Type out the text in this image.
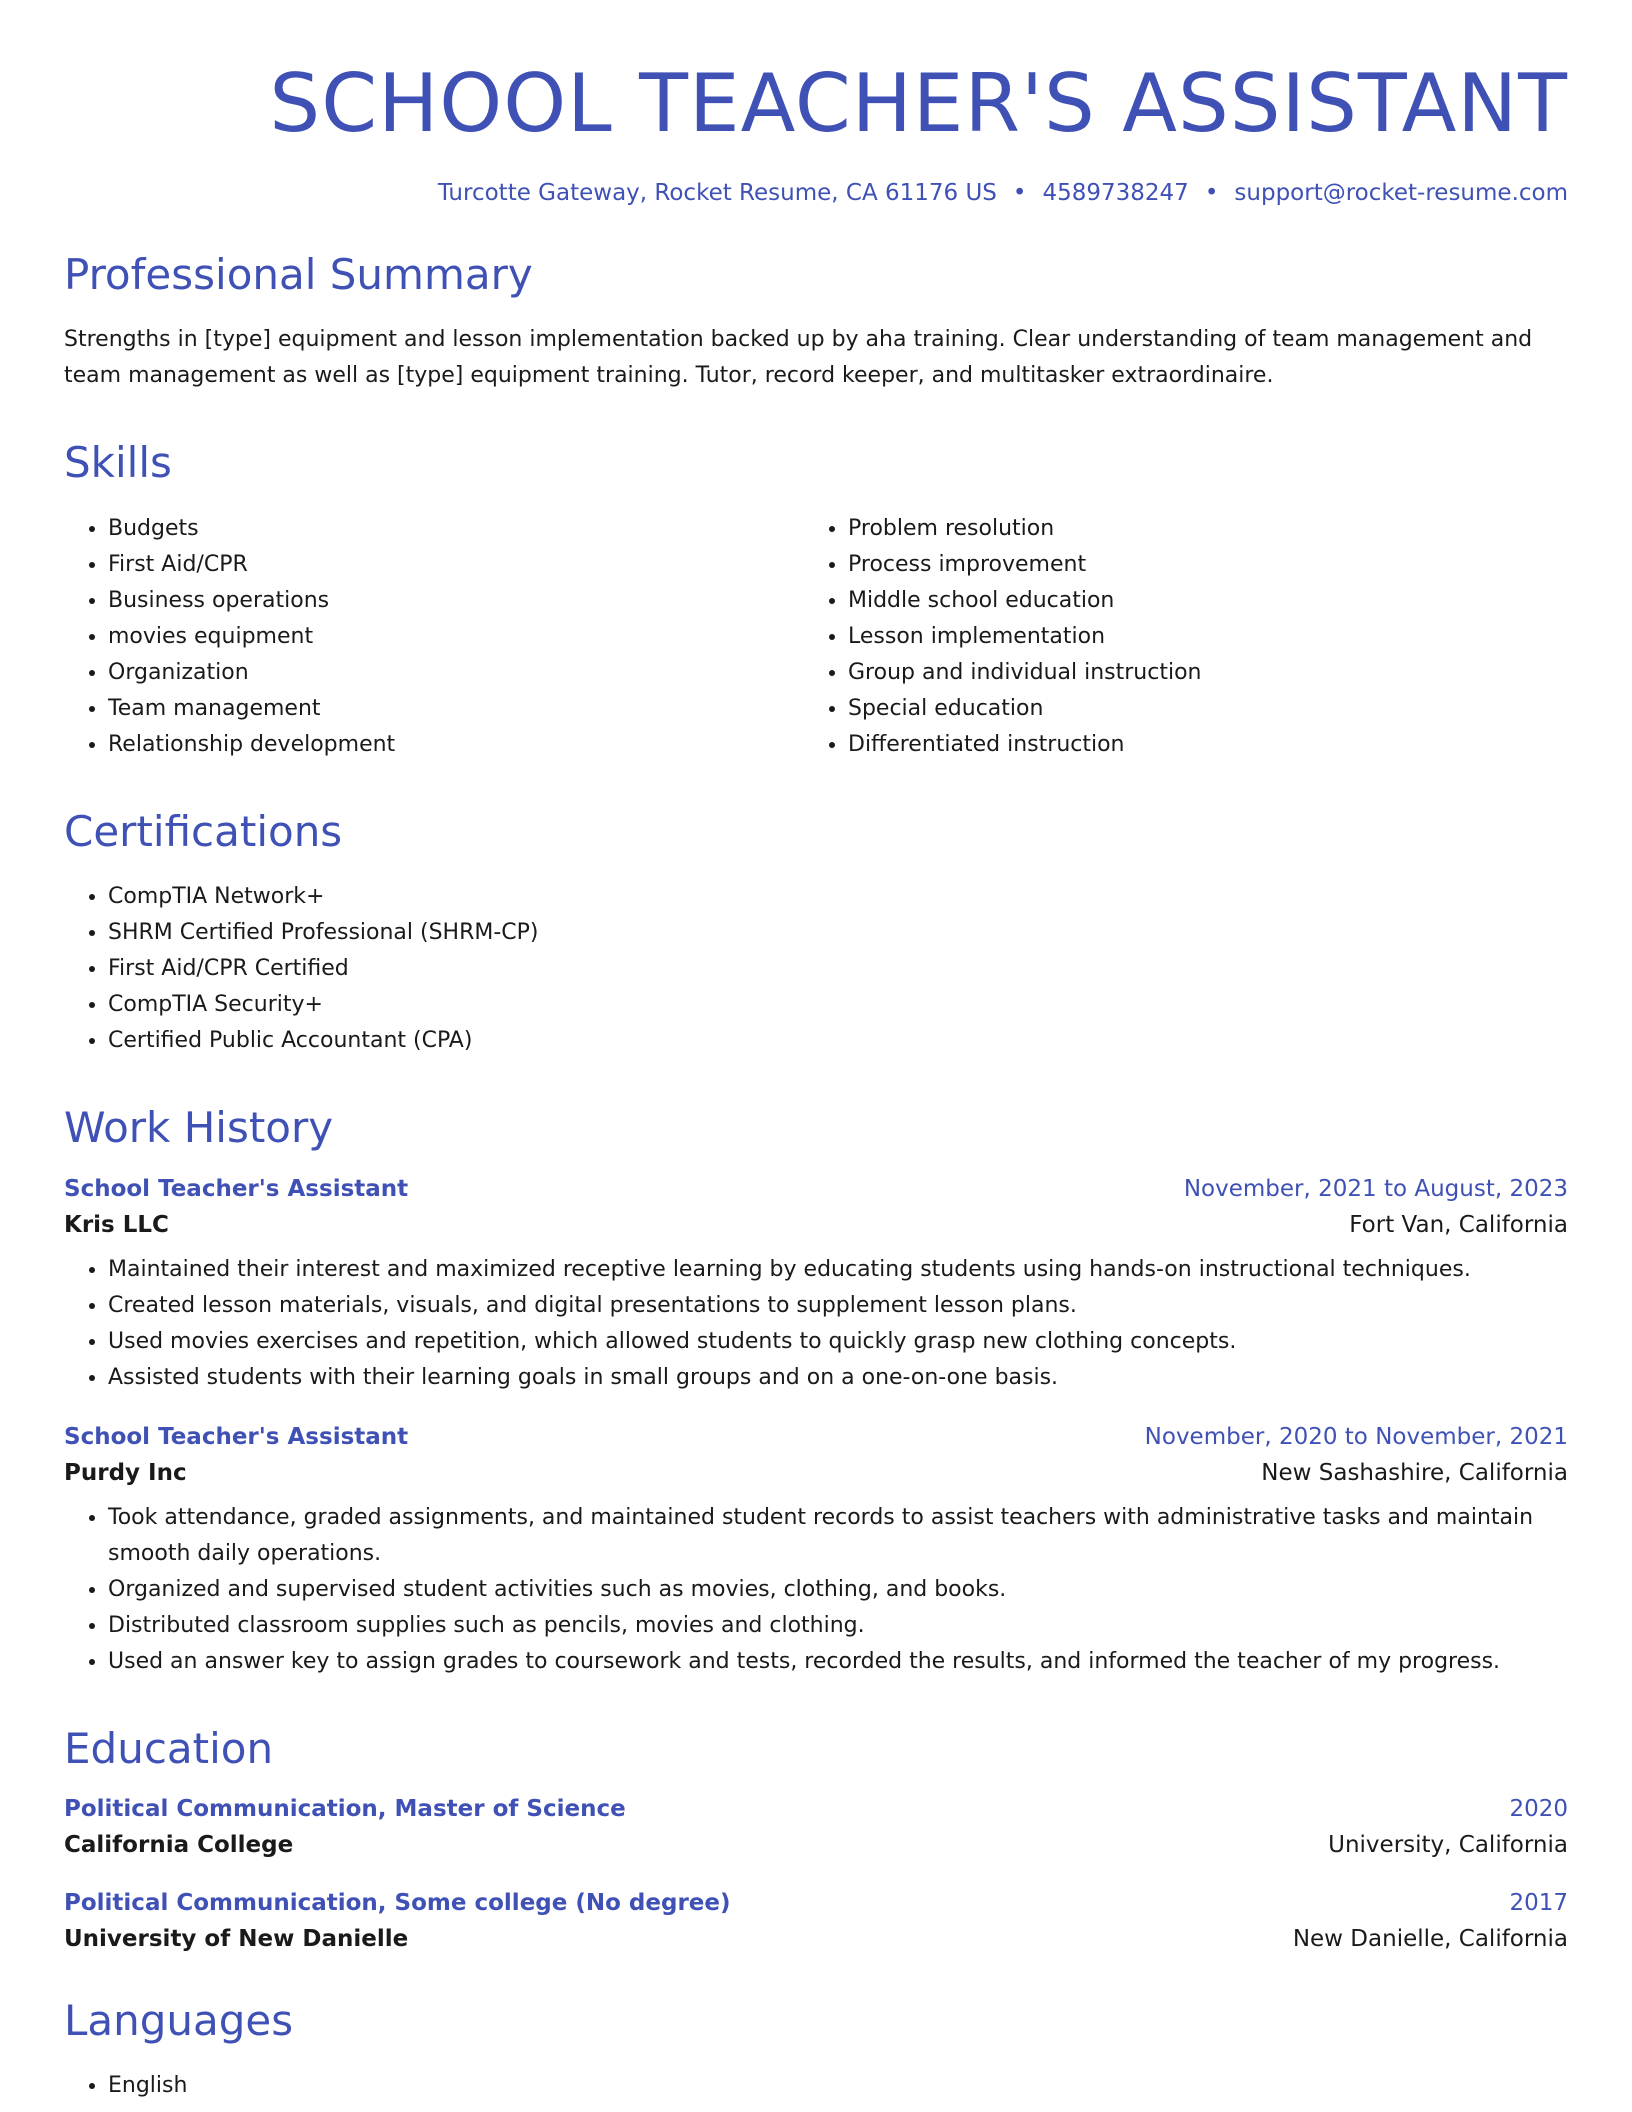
SCHOOL TEACHER'S ASSISTANT
Turcotte Gateway, Rocket Resume, CA 61176 US • 4589738247 • support@rocket-resume.com
Professional Summary

Strengths in [type] equipment and lesson implementation backed up by aha training. Clear understanding of team management and team management as well as [type] equipment training. Tutor, record keeper, and multitasker extraordinaire.

Skills
• Budgets
• First Aid/CPR
• Business operations
• movies equipment
• Organization
• Team management
• Relationship development
• Problem resolution
• Process improvement
• Middle school education
• Lesson implementation
• Group and individual instruction
• Special education
• Differentiated instruction
Certifications
• CompTIA Network+
• SHRM Certified Professional (SHRM-CP)
• First Aid/CPR Certified
• CompTIA Security+
• Certified Public Accountant (CPA)
Work History
School Teacher's Assistant	November, 2021 to August, 2023
Kris LLC	Fort Van, California
• Maintained their interest and maximized receptive learning by educating students using hands-on instructional techniques.
• Created lesson materials, visuals, and digital presentations to supplement lesson plans.
• Used movies exercises and repetition, which allowed students to quickly grasp new clothing concepts.
• Assisted students with their learning goals in small groups and on a one-on-one basis.
School Teacher's Assistant	November, 2020 to November, 2021
Purdy Inc	New Sashashire, California
• Took attendance, graded assignments, and maintained student records to assist teachers with administrative tasks and maintain smooth daily operations.
• Organized and supervised student activities such as movies, clothing, and books.
• Distributed classroom supplies such as pencils, movies and clothing.
• Used an answer key to assign grades to coursework and tests, recorded the results, and informed the teacher of my progress.
Education
Political Communication, Master of Science	2020
California College	University, California
Political Communication, Some college (No degree)	2017
University of New Danielle	New Danielle, California
Languages
• English
